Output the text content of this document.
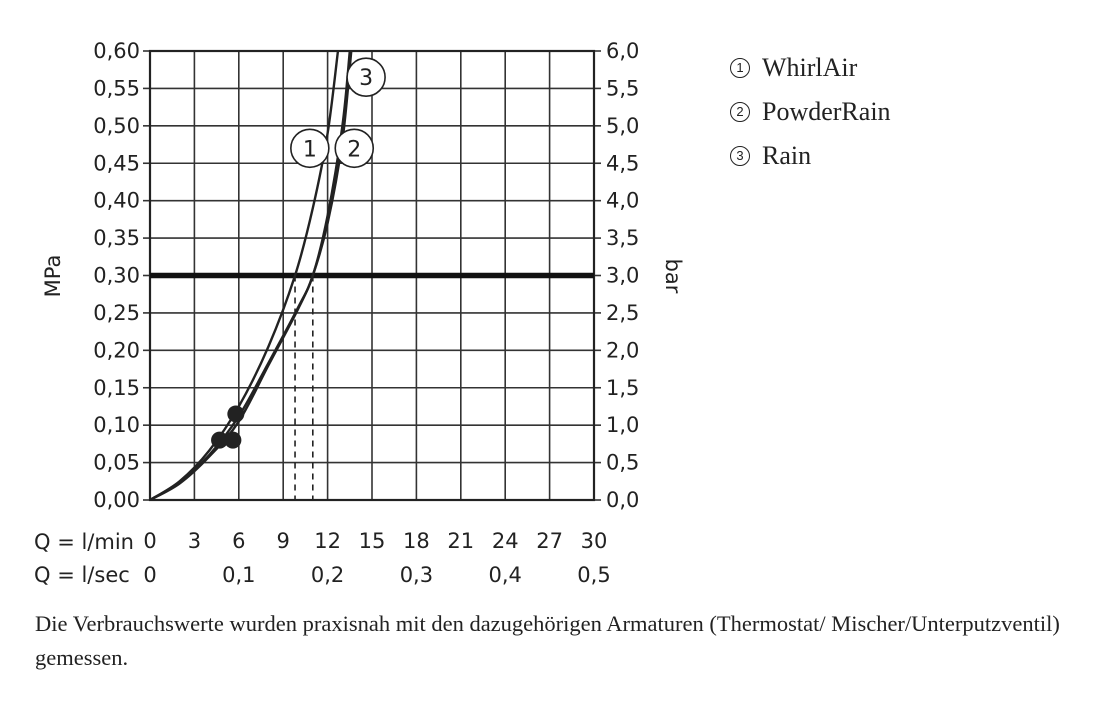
1 2
3
0,00	0,0
0,05	0,5
0,10	1,0
0,15	1,5
0,20	2,0
0,25	2,5
0,30	3,0
0,35	3,5
0,40	4,0
0,45	4,5
0,50	5,0
0,55	5,5
0,60	6,0
0 3 6 9 12 15 18 21 24 27 30
0	0,1	0,2	0,3	0,4	0,5
MPa	bar
Q = l/min
Q = l/sec
1 WhirlAir
2 PowderRain
3 Rain
Die Verbrauchswerte wurden praxisnah mit den dazugehörigen Armaturen (Thermostat/ Mischer/Unterputzventil) gemessen.
